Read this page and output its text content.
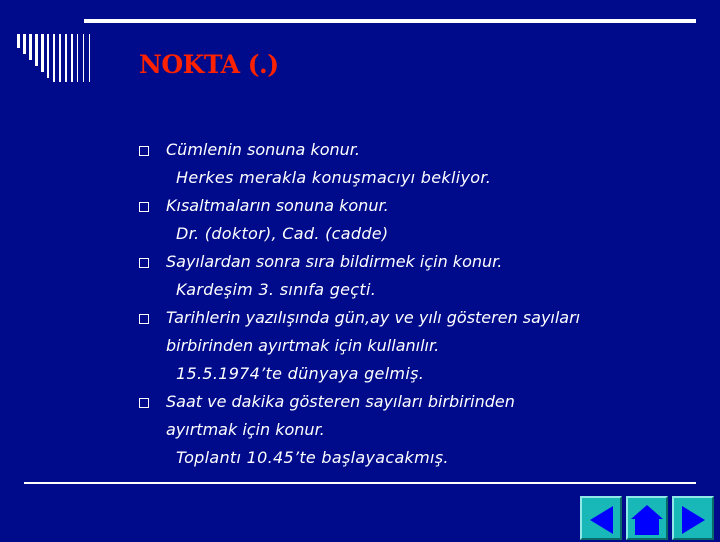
NOKTA (.)
Cümlenin sonuna konur.
Herkes merakla konuşmacıyı bekliyor.
Kısaltmaların sonuna konur.
Dr. (doktor), Cad. (cadde)
Sayılardan sonra sıra bildirmek için konur.
Kardeşim 3. sınıfa geçti.
Tarihlerin yazılışında gün,ay ve yılı gösteren sayıları
birbirinden ayırtmak için kullanılır.
15.5.1974’te dünyaya gelmiş.
Saat ve dakika gösteren sayıları birbirinden
ayırtmak için konur.
Toplantı 10.45’te başlayacakmış.
